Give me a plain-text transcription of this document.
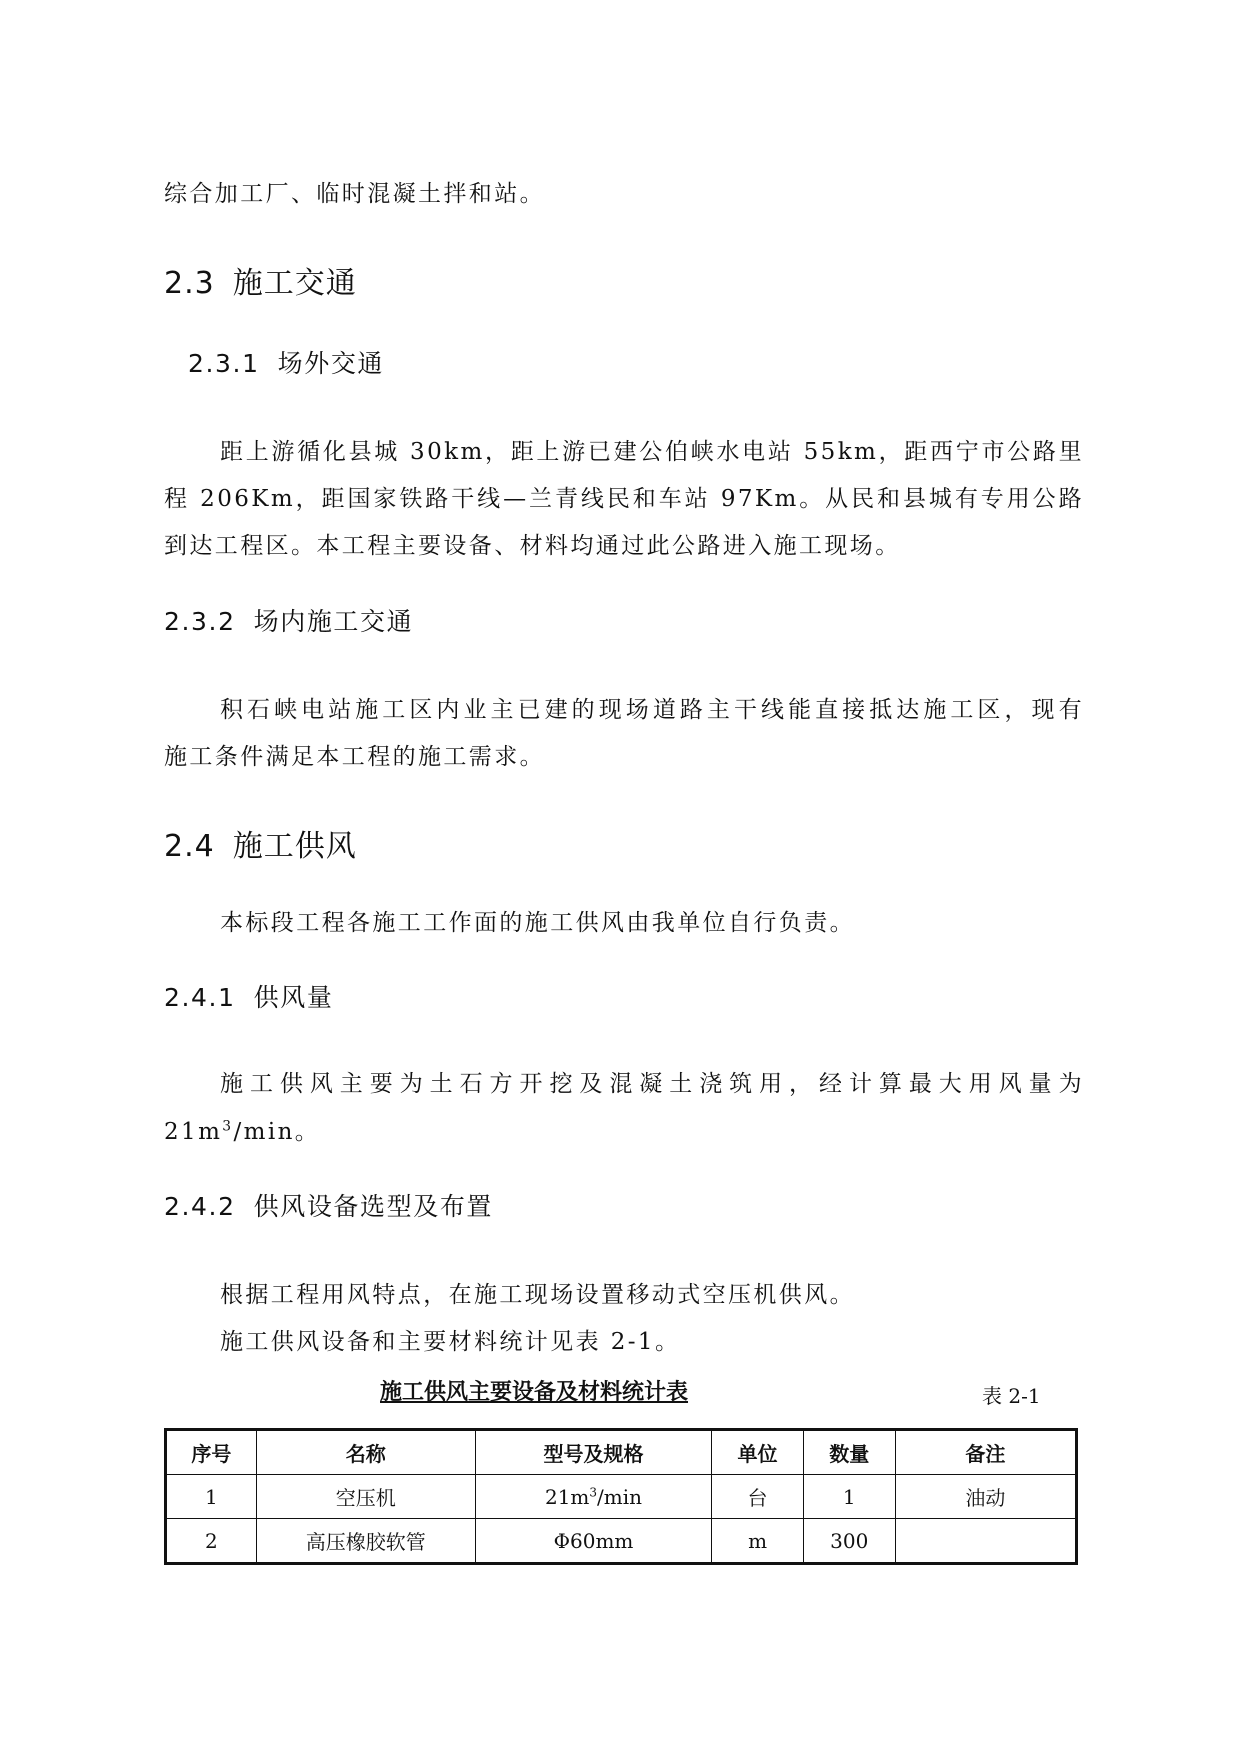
综合加工厂、临时混凝土拌和站。
2.3 施工交通
2.3.1 场外交通
距上游循化县城 30km，距上游已建公伯峡水电站 55km，距西宁市公路里
程 206Km，距国家铁路干线—兰青线民和车站 97Km。从民和县城有专用公路
到达工程区。本工程主要设备、材料均通过此公路进入施工现场。
2.3.2 场内施工交通
积石峡电站施工区内业主已建的现场道路主干线能直接抵达施工区，现有
施工条件满足本工程的施工需求。
2.4 施工供风
本标段工程各施工工作面的施工供风由我单位自行负责。
2.4.1 供风量
施工供风主要为土石方开挖及混凝土浇筑用，经计算最大用风量为
$21m^3/\min$。
2.4.2 供风设备选型及布置
根据工程用风特点，在施工现场设置移动式空压机供风。
施工供风设备和主要材料统计见表 2-1。
施工供风主要设备及材料统计表	表 2-1
序号	名称	型号及规格	单位	数量	备注
1	空压机	$21m^3/\min$	台	1	油动
2	高压橡胶软管	Φ60mm	m	300	
